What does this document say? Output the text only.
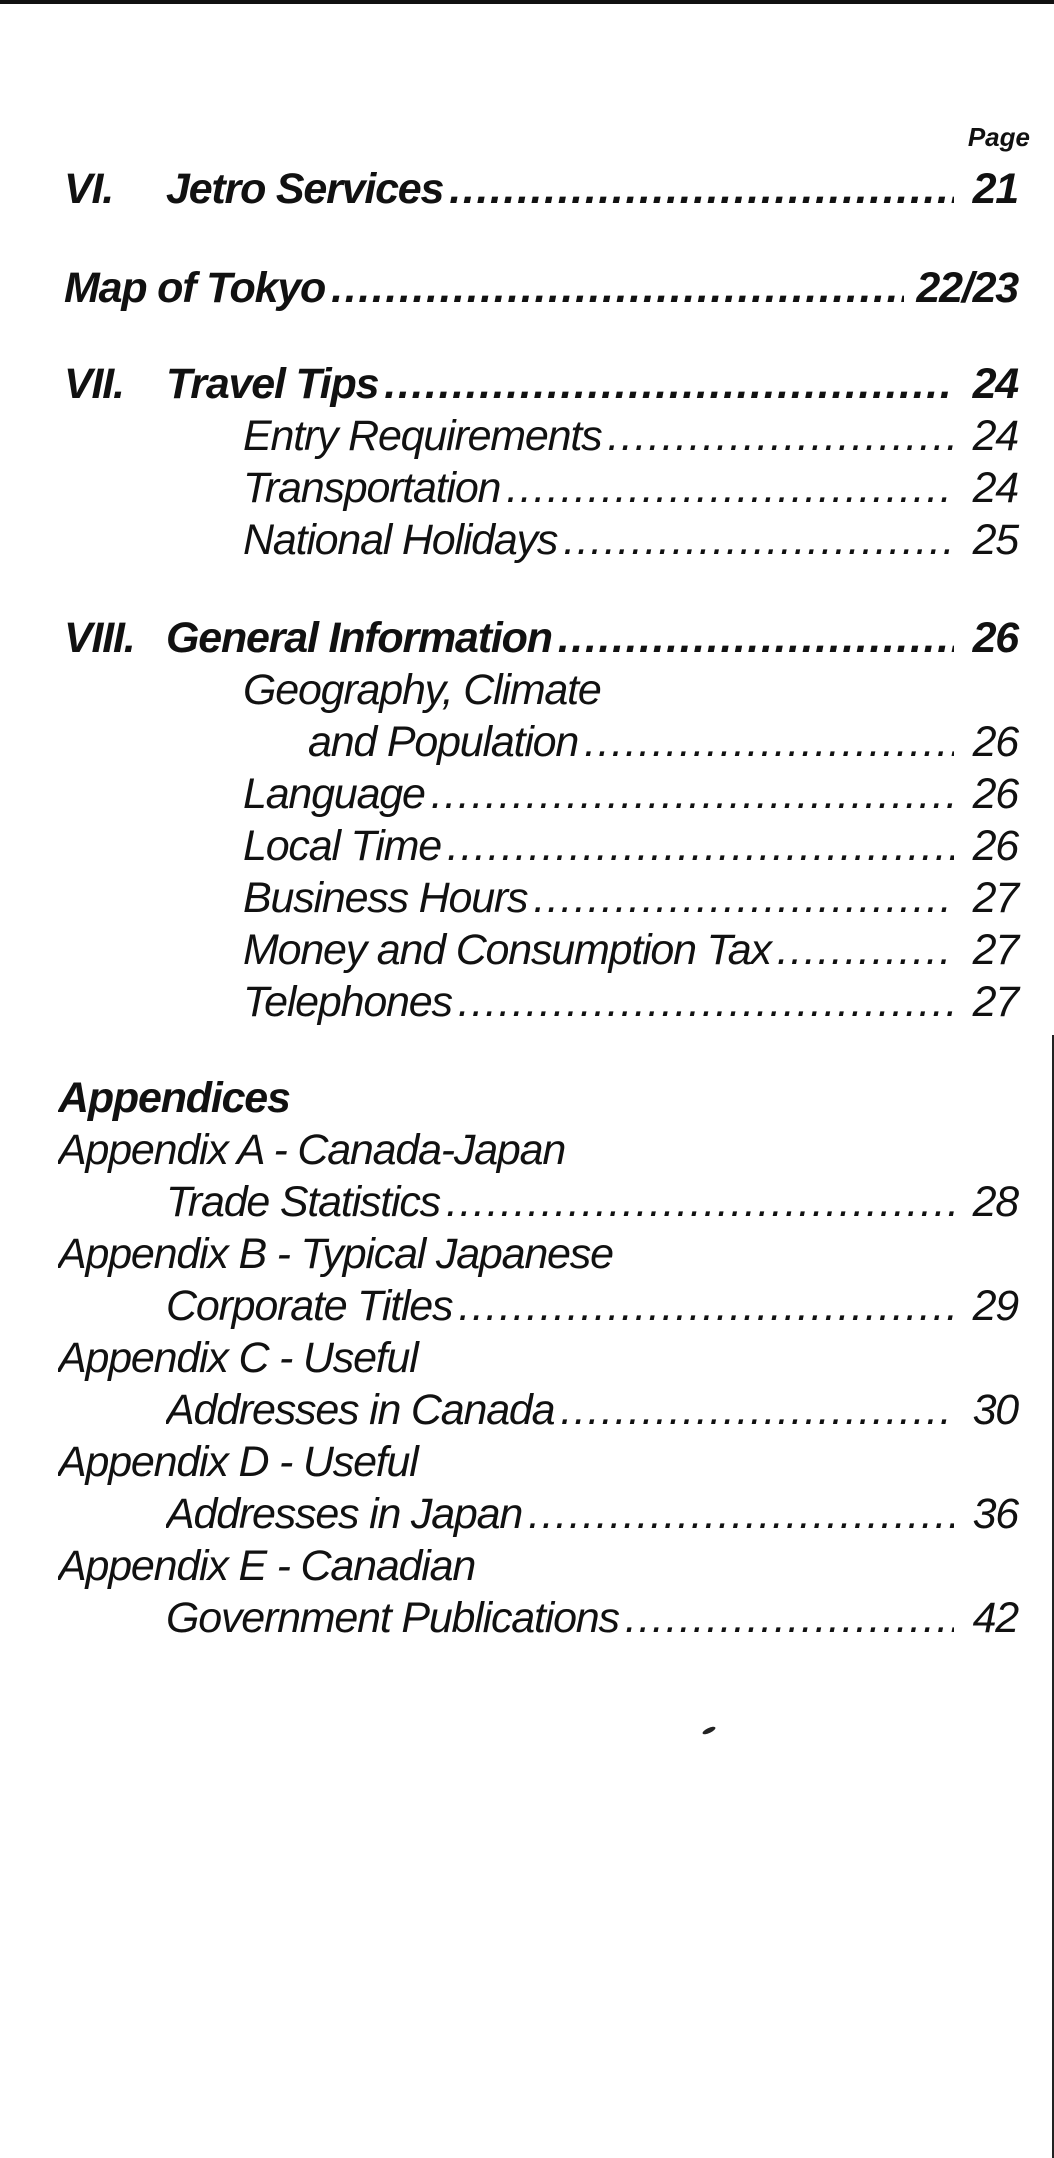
Page
VI. Jetro Services .....	21
Map of Tokyo .....	22/23
VII. Travel Tips .....	24
Entry Requirements .....	24
Transportation .....	24
National Holidays .....	25
VIII. General Information .....	26
Geography, Climate
and Population .....	26
Language .....	26
Local Time .....	26
Business Hours .....	27
Money and Consumption Tax .....	27
Telephones .....	27
Appendices
Appendix A - Canada-Japan
Trade Statistics .....	28
Appendix B - Typical Japanese
Corporate Titles .....	29
Appendix C - Useful
Addresses in Canada .....	30
Appendix D - Useful
Addresses in Japan .....	36
Appendix E - Canadian
Government Publications .....	42
